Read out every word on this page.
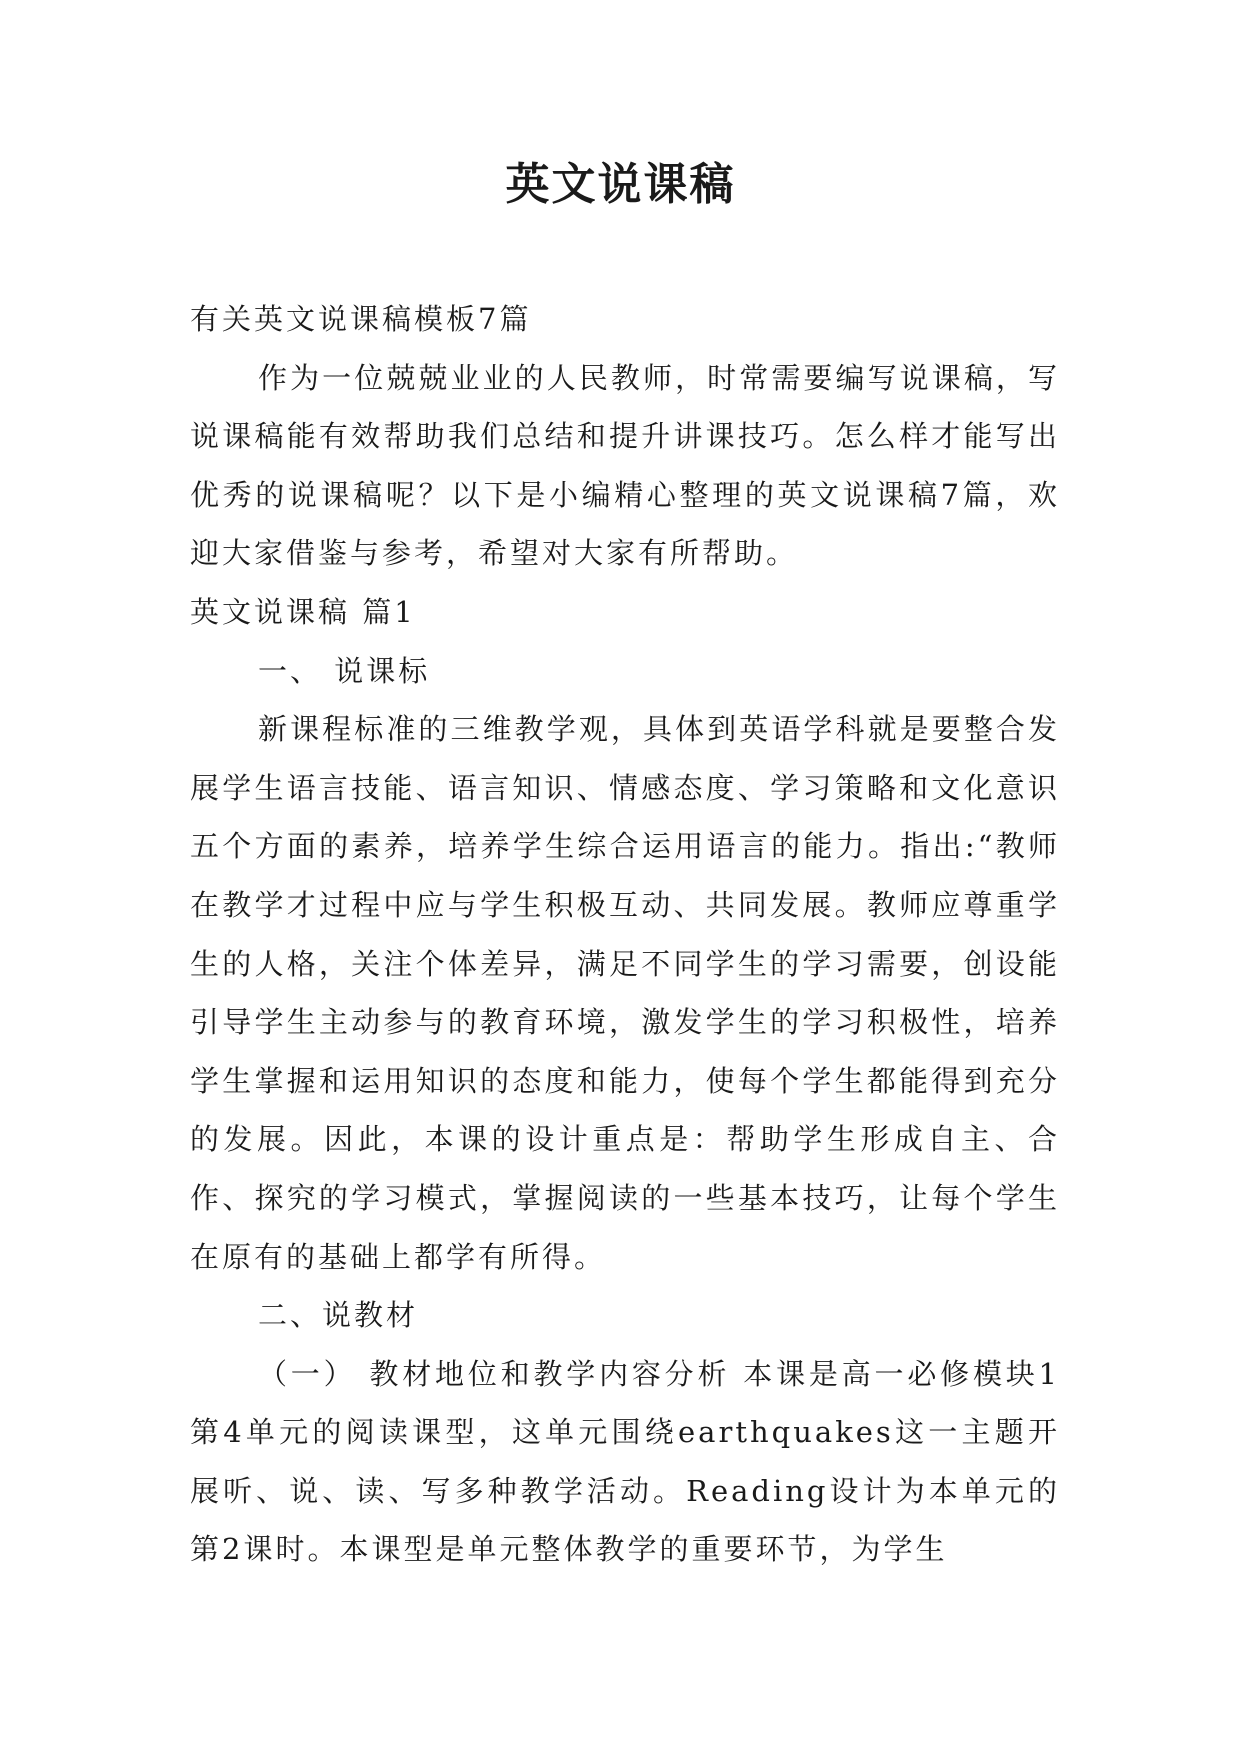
英文说课稿

有关英文说课稿模板7篇

作为一位兢兢业业的人民教师，时常需要编写说课稿，写说课稿能有效帮助我们总结和提升讲课技巧。怎么样才能写出优秀的说课稿呢？以下是小编精心整理的英文说课稿7篇，欢迎大家借鉴与参考，希望对大家有所帮助。

英文说课稿 篇1

一、 说课标

新课程标准的三维教学观，具体到英语学科就是要整合发展学生语言技能、语言知识、情感态度、学习策略和文化意识五个方面的素养，培养学生综合运用语言的能力。指出:“教师在教学才过程中应与学生积极互动、共同发展。教师应尊重学生的人格，关注个体差异，满足不同学生的学习需要，创设能引导学生主动参与的教育环境，激发学生的学习积极性，培养学生掌握和运用知识的态度和能力，使每个学生都能得到充分的发展。因此，本课的设计重点是：帮助学生形成自主、合作、探究的学习模式，掌握阅读的一些基本技巧，让每个学生在原有的基础上都学有所得。

二、说教材

（一） 教材地位和教学内容分析 本课是高一必修模块1第4单元的阅读课型，这单元围绕earthquakes这一主题开展听、说、读、写多种教学活动。Reading设计为本单元的第2课时。本课型是单元整体教学的重要环节，为学生
